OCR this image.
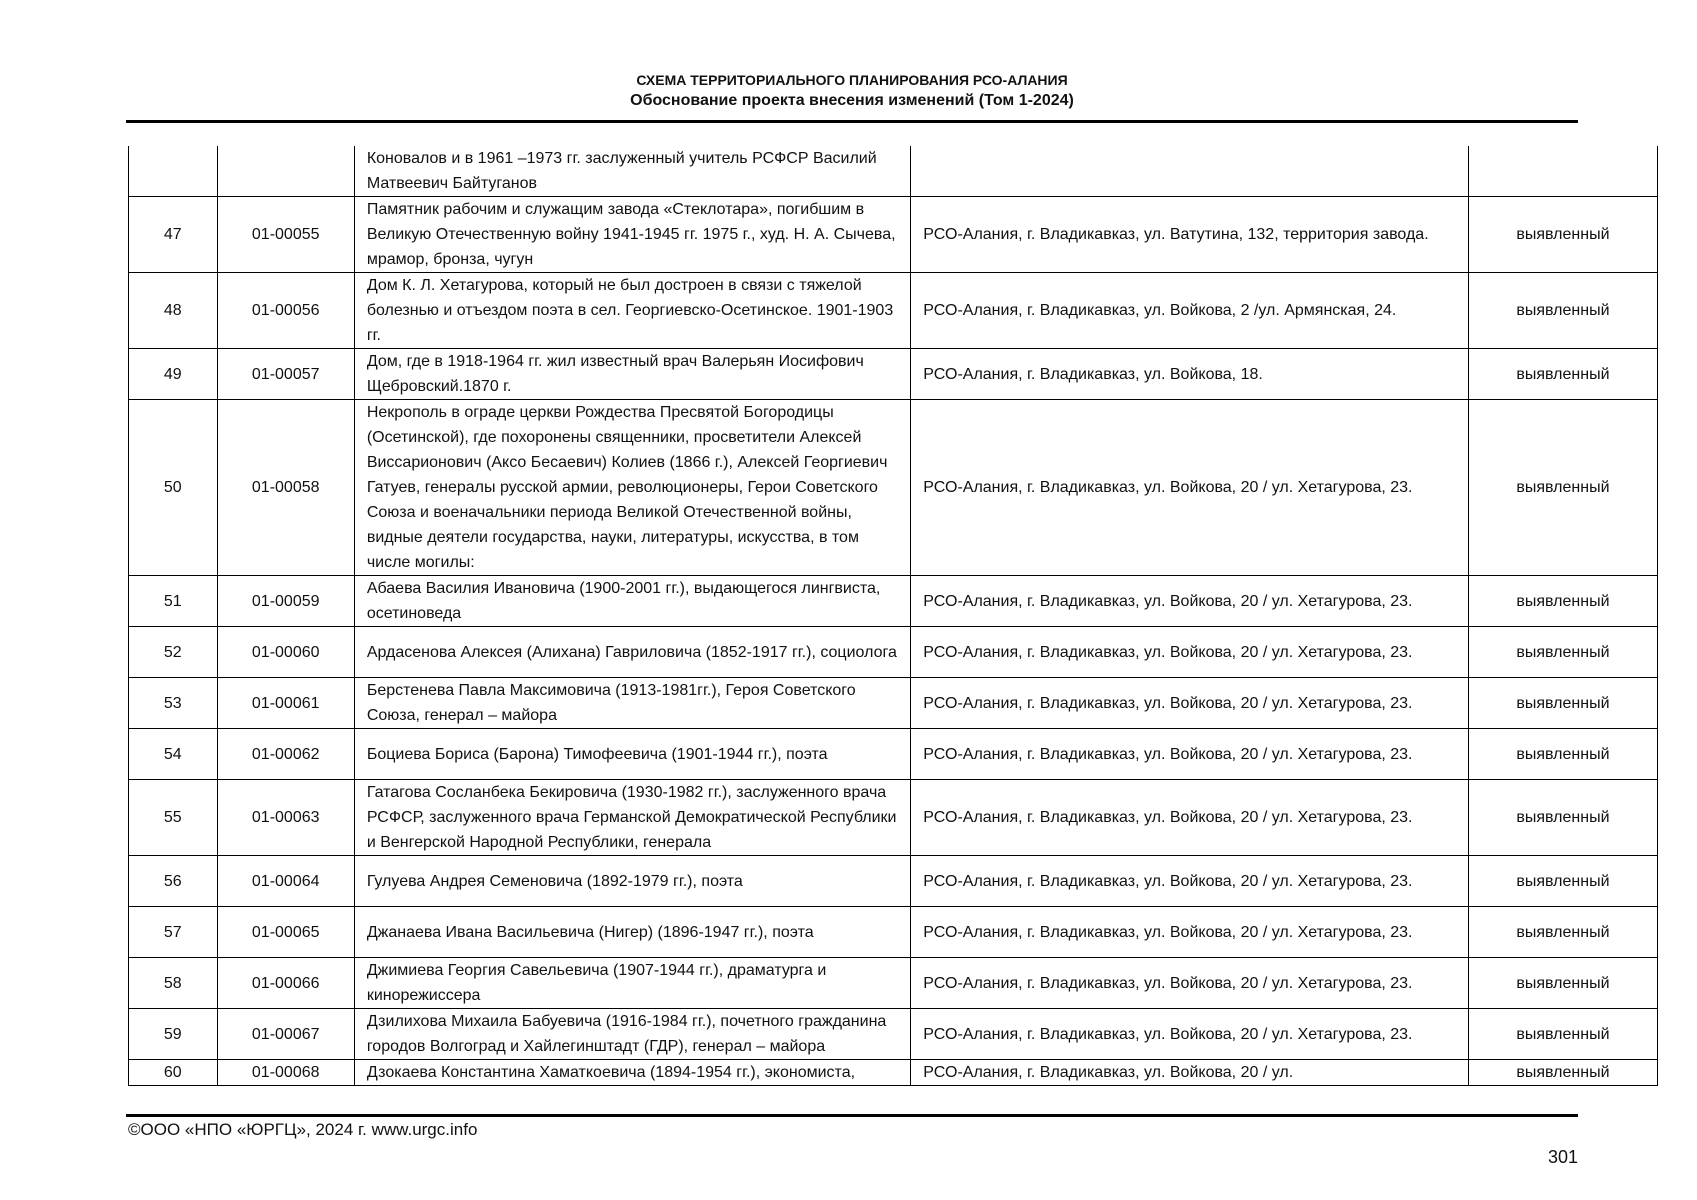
СХЕМА ТЕРРИТОРИАЛЬНОГО ПЛАНИРОВАНИЯ РСО-АЛАНИЯ
Обоснование проекта внесения изменений (Том 1-2024)
		Коновалов и в 1961 –1973 гг. заслуженный учитель РСФСР Василий Матвеевич Байтуганов		
47	01-00055	Памятник рабочим и служащим завода «Стеклотара», погибшим в Великую Отечественную войну 1941-1945 гг. 1975 г., худ. Н. А. Сычева, мрамор, бронза, чугун	РСО-Алания, г. Владикавказ, ул. Ватутина, 132, территория завода.	выявленный
48	01-00056	Дом К. Л. Хетагурова, который не был достроен в связи с тяжелой болезнью и отъездом поэта в сел. Георгиевско-Осетинское. 1901-1903 гг.	РСО-Алания, г. Владикавказ, ул. Войкова, 2 /ул. Армянская, 24.	выявленный
49	01-00057	Дом, где в 1918-1964 гг. жил известный врач Валерьян Иосифович Щебровский.1870 г.	РСО-Алания, г. Владикавказ, ул. Войкова, 18.	выявленный
50	01-00058	Некрополь в ограде церкви Рождества Пресвятой Богородицы (Осетинской), где похоронены священники, просветители Алексей Виссарионович (Аксо Бесаевич) Колиев (1866 г.), Алексей Георгиевич Гатуев, генералы русской армии, революционеры, Герои Советского Союза и военачальники периода Великой Отечественной войны, видные деятели государства, науки, литературы, искусства, в том числе могилы:	РСО-Алания, г. Владикавказ, ул. Войкова, 20 / ул. Хетагурова, 23.	выявленный
51	01-00059	Абаева Василия Ивановича (1900-2001 гг.), выдающегося лингвиста, осетиноведа	РСО-Алания, г. Владикавказ, ул. Войкова, 20 / ул. Хетагурова, 23.	выявленный
52	01-00060	Ардасенова Алексея (Алихана) Гавриловича (1852-1917 гг.), социолога	РСО-Алания, г. Владикавказ, ул. Войкова, 20 / ул. Хетагурова, 23.	выявленный
53	01-00061	Берстенева Павла Максимовича (1913-1981гг.), Героя Советского Союза, генерал – майора	РСО-Алания, г. Владикавказ, ул. Войкова, 20 / ул. Хетагурова, 23.	выявленный
54	01-00062	Боциева Бориса (Барона) Тимофеевича (1901-1944 гг.), поэта	РСО-Алания, г. Владикавказ, ул. Войкова, 20 / ул. Хетагурова, 23.	выявленный
55	01-00063	Гатагова Сосланбека Бекировича (1930-1982 гг.), заслуженного врача РСФСР, заслуженного врача Германской Демократической Республики и Венгерской Народной Республики, генерала	РСО-Алания, г. Владикавказ, ул. Войкова, 20 / ул. Хетагурова, 23.	выявленный
56	01-00064	Гулуева Андрея Семеновича (1892-1979 гг.), поэта	РСО-Алания, г. Владикавказ, ул. Войкова, 20 / ул. Хетагурова, 23.	выявленный
57	01-00065	Джанаева Ивана Васильевича (Нигер) (1896-1947 гг.), поэта	РСО-Алания, г. Владикавказ, ул. Войкова, 20 / ул. Хетагурова, 23.	выявленный
58	01-00066	Джимиева Георгия Савельевича (1907-1944 гг.), драматурга и кинорежиссера	РСО-Алания, г. Владикавказ, ул. Войкова, 20 / ул. Хетагурова, 23.	выявленный
59	01-00067	Дзилихова Михаила Бабуевича (1916-1984 гг.), почетного гражданина городов Волгоград и Хайлегинштадт (ГДР), генерал – майора	РСО-Алания, г. Владикавказ, ул. Войкова, 20 / ул. Хетагурова, 23.	выявленный
60	01-00068	Дзокаева Константина Хаматкоевича (1894-1954 гг.), экономиста,	РСО-Алания, г. Владикавказ, ул. Войкова, 20 / ул.	выявленный
©ООО «НПО «ЮРГЦ», 2024 г. www.urgc.info
301
